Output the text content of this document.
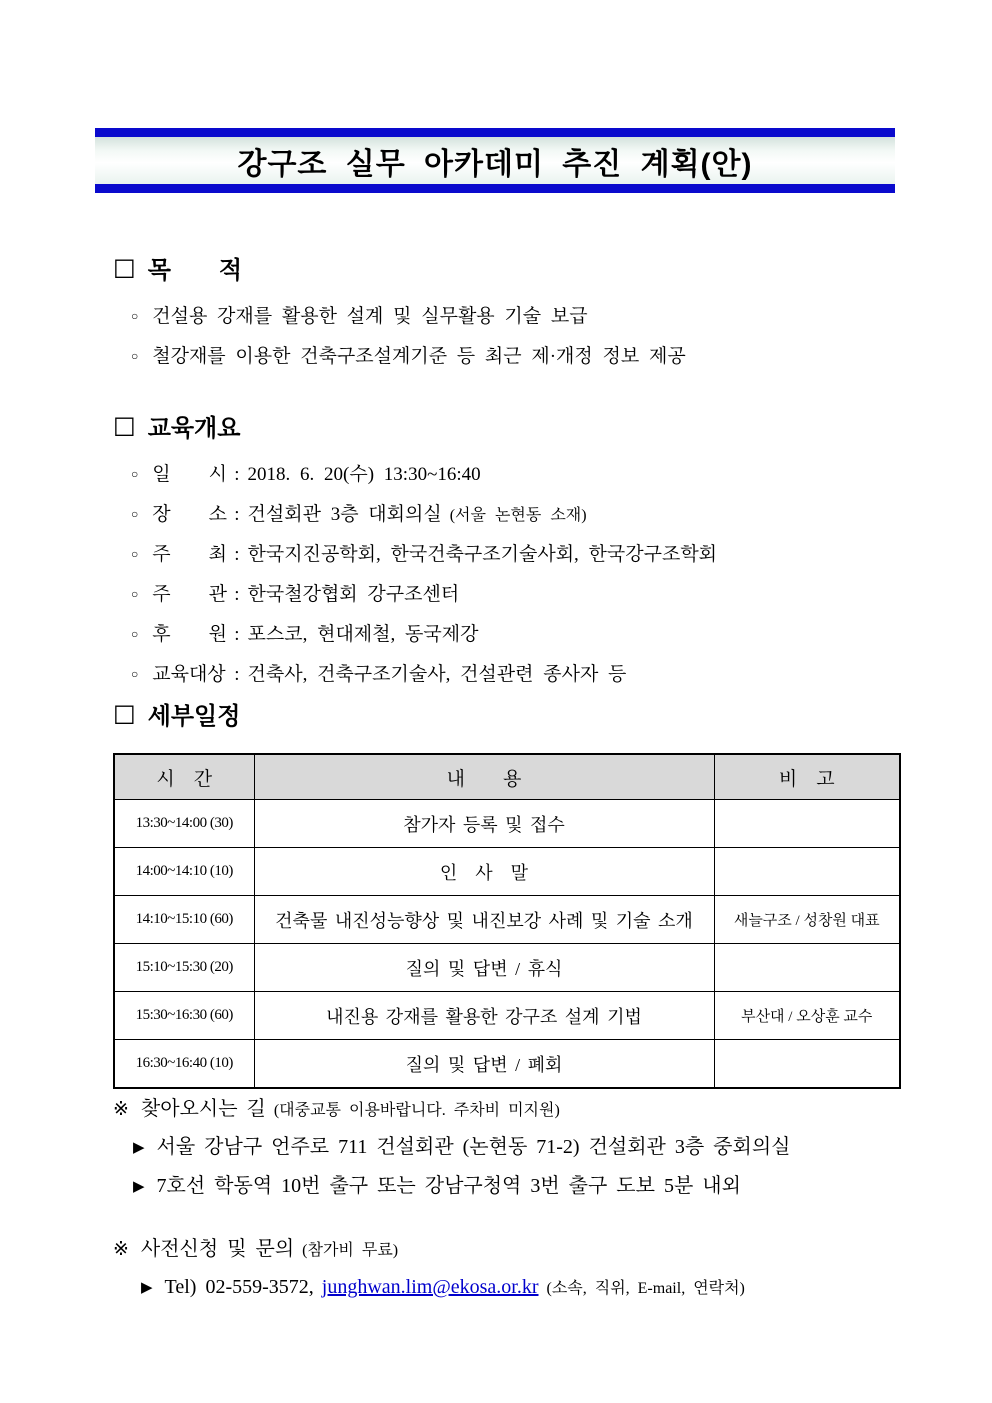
강구조 실무 아카데미 추진 계획(안)
□ 목　　적
○ 건설용 강재를 활용한 설계 및 실무활용 기술 보급
○ 철강재를 이용한 건축구조설계기준 등 최근 제·개정 정보 제공
□ 교육개요
○ 일　　시 : 2018. 6. 20(수) 13:30~16:40
○ 장　　소 : 건설회관 3층 대회의실 (서울 논현동 소재)
○ 주　　최 : 한국지진공학회, 한국건축구조기술사회, 한국강구조학회
○ 주　　관 : 한국철강협회 강구조센터
○ 후　　원 : 포스코, 현대제철, 동국제강
○ 교육대상 : 건축사, 건축구조기술사, 건설관련 종사자 등
□ 세부일정
시　간	내　　용	비　고
13:30~14:00 (30)	참가자 등록 및 접수	
14:00~14:10 (10)	인　사　말	
14:10~15:10 (60)	건축물 내진성능향상 및 내진보강 사례 및 기술 소개	새늘구조 / 성창원 대표
15:10~15:30 (20)	질의 및 답변 / 휴식	
15:30~16:30 (60)	내진용 강재를 활용한 강구조 설계 기법	부산대 / 오상훈 교수
16:30~16:40 (10)	질의 및 답변 / 폐회	
※ 찾아오시는 길 (대중교통 이용바랍니다. 주차비 미지원)
▶ 서울 강남구 언주로 711 건설회관 (논현동 71-2) 건설회관 3층 중회의실
▶ 7호선 학동역 10번 출구 또는 강남구청역 3번 출구 도보 5분 내외
※ 사전신청 및 문의 (참가비 무료)
▶ Tel) 02-559-3572, junghwan.lim@ekosa.or.kr (소속, 직위, E-mail, 연락처)
